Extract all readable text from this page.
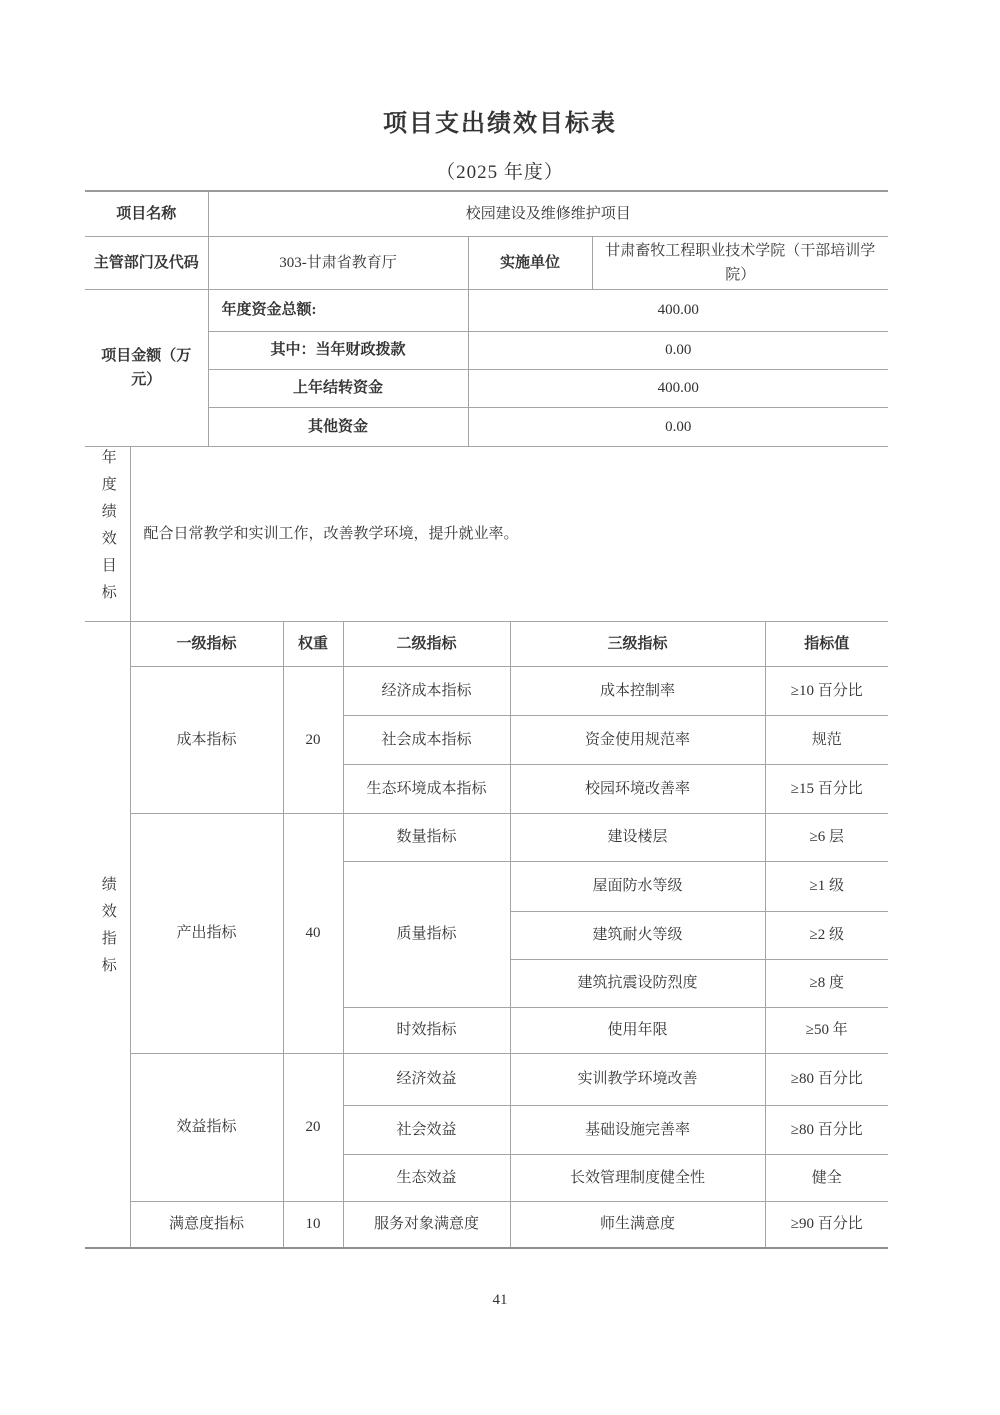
项目支出绩效目标表
（2025 年度）
项目名称	校园建设及维修维护项目		
主管部门及代码	303-甘肃省教育厅	实施单位	甘肃畜牧工程职业技术学院（干部培训学院）
项目金额（万元）	年度资金总额:	400.00	
	其中：当年财政拨款	0.00	
	上年结转资金	400.00	
	其他资金	0.00	
年度绩效目标	配合日常教学和实训工作，改善教学环境，提升就业率。
绩效指标	一级指标	权重	二级指标	三级指标	指标值
	成本指标	20	经济成本指标	成本控制率	≥10 百分比
			社会成本指标	资金使用规范率	规范
			生态环境成本指标	校园环境改善率	≥15 百分比
	产出指标	40	数量指标	建设楼层	≥6 层
			质量指标	屋面防水等级	≥1 级
				建筑耐火等级	≥2 级
				建筑抗震设防烈度	≥8 度
			时效指标	使用年限	≥50 年
	效益指标	20	经济效益	实训教学环境改善	≥80 百分比
			社会效益	基础设施完善率	≥80 百分比
			生态效益	长效管理制度健全性	健全
	满意度指标	10	服务对象满意度	师生满意度	≥90 百分比
41
